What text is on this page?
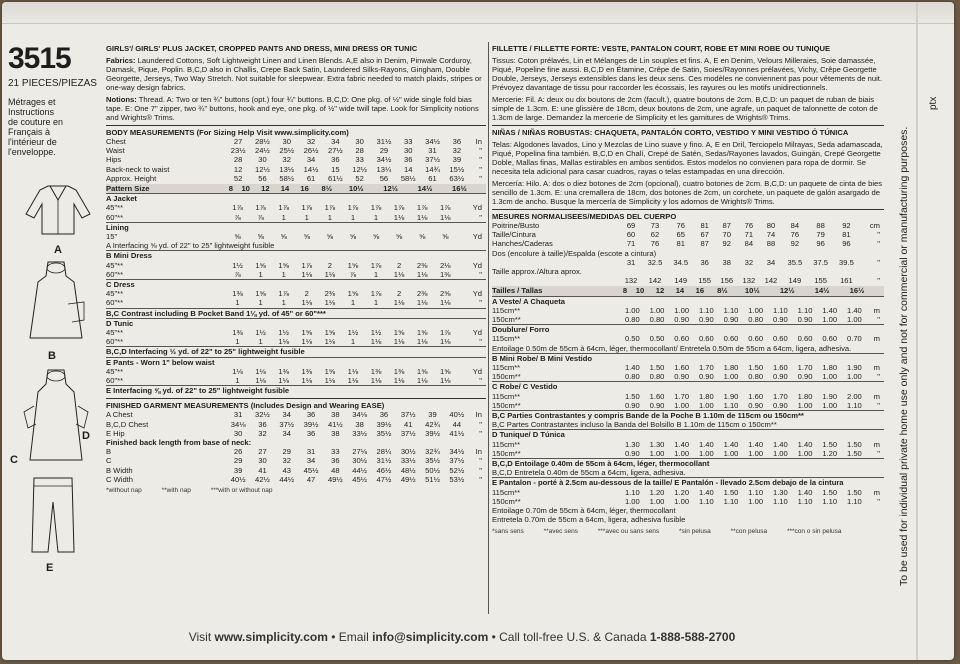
3515
21 PIECES/PIEZAS
Métrages et Instructions
de couture en Français à
l'intérieur de
l'enveloppe.
A
B
C
D
E
GIRLS'/ GIRLS' PLUS JACKET, CROPPED PANTS AND DRESS, MINI DRESS OR TUNIC
Fabrics: Laundered Cottons, Soft Lightweight Linen and Linen Blends. A,E also in Denim, Pinwale Corduroy, Damask, Pique, Poplin. B,C,D also in Challis, Crepe Back Satin, Laundered Silks-Rayons, Gingham, Double Georgette, Jerseys, Two Way Stretch. Not suitable for sleepwear. Extra fabric needed to match plaids, stripes or one-way design fabrics.
Notions: Thread. A: Two or ten ¾" buttons (opt.) four ¾" buttons. B,C,D: One pkg. of ½" wide single fold bias tape. E: One 7" zipper, two ¾" buttons, hook and eye, one pkg. of ½" wide twill tape. Look for Simplicity notions and Wrights® Trims.
BODY MEASUREMENTS (For Sizing Help Visit www.simplicity.com)
Chest	27	28½	30	32	34		30	31½	33	34½	36	In
Waist	23½	24½	25½	26½	27½		28	29	30	31	32	"
Hips	28	30	32	34	36		33	34½	36	37½	39	"
Back-neck to waist	12	12½	13½	14½	15		12½	13¼	14	14¾	15½	"
Approx. Height	52	56	58½	61	61½		52	56	58½	61	63½	"
Pattern Size	8	10	12	14	16		8½	10½	12½	14½	16½	
A Jacket											
45"**	1⅞	1⅞	1⅞	1⅞	1⅞		1⅞	1⅞	1⅞	1⅞	1⅞	Yd
60"**	⅞	⅞	1	1	1		1	1	1⅛	1⅛	1⅛	"
Lining											
15"	⅝	⅝	⅝	⅝	⅝		⅝	⅝	⅝	⅝	⅝	Yd
A Interfacing ⅝ yd. of 22" to 25" lightweight fusible											
B Mini Dress											
45"**	1½	1⅝	1⅝	1⅞	2		1⅝	1⅞	2	2⅜	2⅛	Yd
60"**	⅞	1	1	1⅛	1⅛		⅞	1	1⅛	1⅛	1⅜	"
C Dress											
45"**	1⅜	1⅝	1⅞	2	2⅜		1⅝	1⅞	2	2⅜	2⅝	Yd
60"**	1	1	1	1⅛	1⅛		1	1	1⅛	1⅛	1⅛	"
B,C Contrast including B Pocket Band 1⅛ yd. of 45" or 60"***											
D Tunic											
45"**	1⅜	1½	1½	1⅝	1⅝		1½	1½	1⅝	1⅝	1⅞	Yd
60"**	1	1	1⅛	1⅛	1⅛		1	1⅛	1⅛	1⅛	1⅛	"
B,C,D Interfacing ½ yd. of 22" to 25" lightweight fusible											
E Pants - Worn 1" below waist											
45"**	1⅛	1⅛	1⅜	1⅜	1⅝		1⅛	1⅜	1⅜	1⅝	1⅝	Yd
60"**	1	1⅛	1⅛	1⅛	1⅛		1⅛	1⅛	1⅛	1⅛	1⅛	"
E Interfacing ⅝ yd. of 22" to 25" lightweight fusible											
FINISHED GARMENT MEASUREMENTS (Includes Design and Wearing EASE)
A Chest	31	32½	34	36	38		34⅛	36	37½	39	40½	In
B,C,D Chest	34⅛	36	37½	39½	41½		38	39½	41	42¾	44	"
E Hip	30	32	34	36	38		33½	35½	37½	39½	41½	"
Finished back length from base of neck:
B	26	27	29	31	33		27⅛	28¼	30½	32¾	34½	In
C	29	30	32	34	36		30½	31½	33½	35½	37½	"
B Width	39	41	43	45½	48		44½	46½	48½	50½	52½	"
C Width	40½	42½	44½	47	49½		45½	47½	49½	51½	53½	"
*without nap	**with nap	***with or without nap
FILLETTE / FILLETTE FORTE: VESTE, PANTALON COURT, ROBE ET MINI ROBE OU TUNIQUE
Tissus: Coton prélavés, Lin et Mélanges de Lin souples et fins. A, E en Denim, Velours Milleraies, Soie damassée, Piqué, Popeline fine aussi. B,C,D en Étamine, Crêpe de Satin, Soies/Rayonnes prélavées, Vichy, Crêpe Georgette Double, Jerseys, Jerseys extensibles dans les deux sens. Ces modèles ne conviennent pas pour vêtements de nuit. Prévoyez davantage de tissu pour raccorder les écossais, les rayures ou les motifs unidirectionnels.
Mercerie: Fil. A: deux ou dix boutons de 2cm (facult.), quatre boutons de 2cm. B,C,D: un paquet de ruban de biais simple de 1.3cm. E: une glissière de 18cm, deux boutons de 2cm, une agrafe, un paquet de talonnette de coton de 1.3cm de large. Demandez la mercerie de Simplicity et les garnitures de Wrights® Trims.
NIÑAS / NIÑAS ROBUSTAS: CHAQUETA, PANTALÓN CORTO, VESTIDO Y MINI VESTIDO Ó TÚNICA
Telas: Algodones lavados, Lino y Mezclas de Lino suave y fino. A, E en Dril, Terciopelo Milrayas, Seda adamascada, Piqué, Popelina fina también. B,C,D en Chalí, Crepé de Satén, Sedas/Rayones lavados, Guingán, Crepé Georgette Doble, Mallas finas, Mallas estirables en ambos sentidos. Estos modelos no convienen para ropa de dormir. Se necesita tela adicional para casar cuadros, rayas o telas estampadas en una dirección.
Mercería: Hilo. A: dos o diez botones de 2cm (opcional), cuatro botones de 2cm. B,C,D: un paquete de cinta de bies sencillo de 1.3cm. E: una cremallera de 18cm, dos botones de 2cm, un corchete, un paquete de galón asargado de 1.3cm de ancho. Busque la mercería de Simplicity y los adornos de Wrights® Trims.
MESURES NORMALISEES/MEDIDAS DEL CUERPO
Poitrine/Busto	69	73	76	81	87		76	80	84	88	92	cm
Taille/Cintura	60	62	65	67	70		71	74	76	79	81	"
Hanches/Caderas	71	76	81	87	92		84	88	92	96	96	"
Dos (encolure à taille)/Espalda (escote a cintura)											
	31	32.5	34.5	36	38		32	34	35.5	37.5	39.5	"
Taille approx./Altura aprox.											
	132	142	149	155	156		132	142	149	155	161	"
Tailles / Tallas	8	10	12	14	16		8½	10½	12½	14½	16½	
A Veste/ A Chaqueta											
115cm**	1.00	1.00	1.00	1.10	1.10		1.00	1.10	1.10	1.40	1.40	m
150cm**	0.80	0.80	0.90	0.90	0.90		0.80	0.90	0.90	1.00	1.00	"
Doublure/ Forro											
115cm**	0.50	0.50	0.60	0.60	0.60		0.60	0.60	0.60	0.60	0.70	m
Entoilage 0.50m de 55cm à 64cm, léger, thermocollant/ Entretela 0.50m de 55cm a 64cm, ligera, adhesiva.											
B Mini Robe/ B Mini Vestido											
115cm**	1.40	1.50	1.60	1.70	1.80		1.50	1.60	1.70	1.80	1.90	m
150cm**	0.80	0.80	0.90	0.90	1.00		0.80	0.90	0.90	1.00	1.00	"
C Robe/ C Vestido											
115cm**	1.50	1.60	1.70	1.80	1.90		1.60	1.70	1.80	1.90	2.00	m
150cm**	0.90	0.90	1.00	1.00	1.10		0.90	0.90	1.00	1.00	1.10	"
B,C Parties Contrastantes y compris Bande de la Poche B 1.10m de 115cm ou 150cm**											
B,C Partes Contrastantes incluso la Banda del Bolsillo B 1.10m de 115cm o 150cm**											
D Tunique/ D Túnica											
115cm**	1.30	1.30	1.40	1.40	1.40		1.40	1.40	1.40	1.50	1.50	m
150cm**	0.90	1.00	1.00	1.00	1.00		1.00	1.00	1.00	1.20	1.50	"
B,C,D Entoilage 0.40m de 55cm à 64cm, léger, thermocollant											
B,C,D Entretela 0.40m de 55cm a 64cm, ligera, adhesiva.											
E Pantalon - porté à 2.5cm au-dessous de la taille/ E Pantalón - llevado 2.5cm debajo de la cintura											
115cm**	1.10	1.20	1.20	1.40	1.50		1.10	1.30	1.40	1.50	1.50	m
150cm**	1.00	1.00	1.00	1.10	1.10		1.00	1.10	1.10	1.10	1.10	"
Entoilage 0.70m de 55cm à 64cm, léger, thermocollant											
Entretela 0.70m de 55cm a 64cm, ligera, adhesiva fusible											
*sans sens	**avec sens	***avec ou sans sens	*sin pelusa	**con pelusa	***con o sin pelusa	To be used for individual private home use only and not for commercial or manufacturing purposes.
ptx
Visit www.simplicity.com • Email info@simplicity.com • Call toll-free U.S. & Canada 1-888-588-2700
